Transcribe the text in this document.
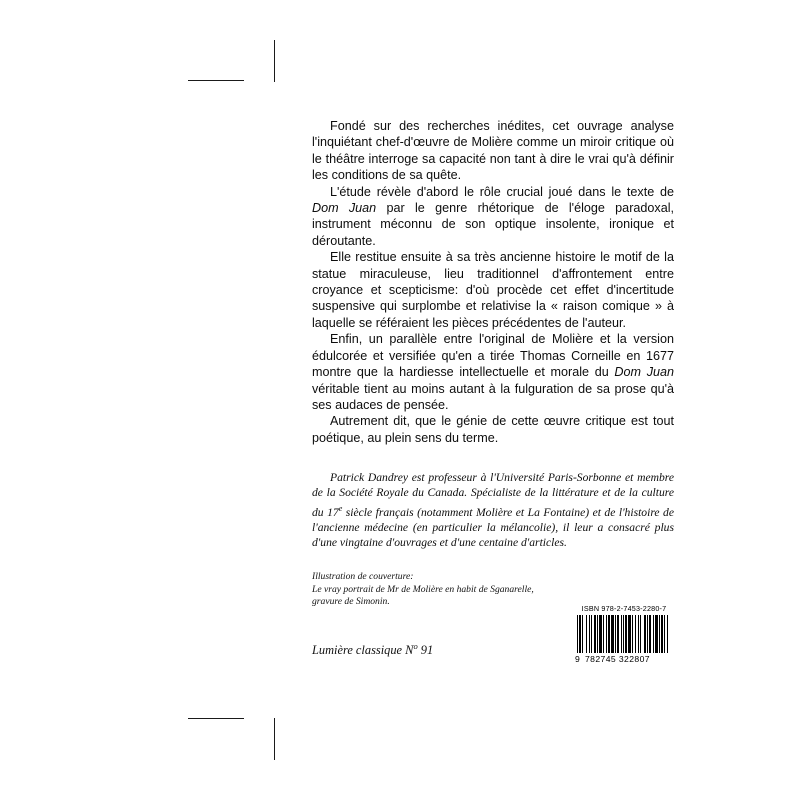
Fondé sur des recherches inédites, cet ouvrage analyse l'inquiétant chef-d'œuvre de Molière comme un miroir critique où le théâtre interroge sa capacité non tant à dire le vrai qu'à définir les conditions de sa quête.

L'étude révèle d'abord le rôle crucial joué dans le texte de Dom Juan par le genre rhétorique de l'éloge paradoxal, instrument méconnu de son optique insolente, ironique et déroutante.

Elle restitue ensuite à sa très ancienne histoire le motif de la statue miraculeuse, lieu traditionnel d'affrontement entre croyance et scepticisme: d'où procède cet effet d'incertitude suspensive qui surplombe et relativise la « raison comique » à laquelle se référaient les pièces précédentes de l'auteur.

Enfin, un parallèle entre l'original de Molière et la version édulcorée et versifiée qu'en a tirée Thomas Corneille en 1677 montre que la hardiesse intellectuelle et morale du Dom Juan véritable tient au moins autant à la fulguration de sa prose qu'à ses audaces de pensée.

Autrement dit, que le génie de cette œuvre critique est tout poétique, au plein sens du terme.

Patrick Dandrey est professeur à l'Université Paris-Sorbonne et membre de la Société Royale du Canada. Spécialiste de la littérature et de la culture du 17e siècle français (notamment Molière et La Fontaine) et de l'histoire de l'ancienne médecine (en particulier la mélancolie), il leur a consacré plus d'une vingtaine d'ouvrages et d'une centaine d'articles.

Illustration de couverture:
Le vray portrait de Mr de Molière en habit de Sganarelle,
gravure de Simonin.
Lumière classique $N^o$ 91
ISBN 978-2-7453-2280-7
9 782745 322807
